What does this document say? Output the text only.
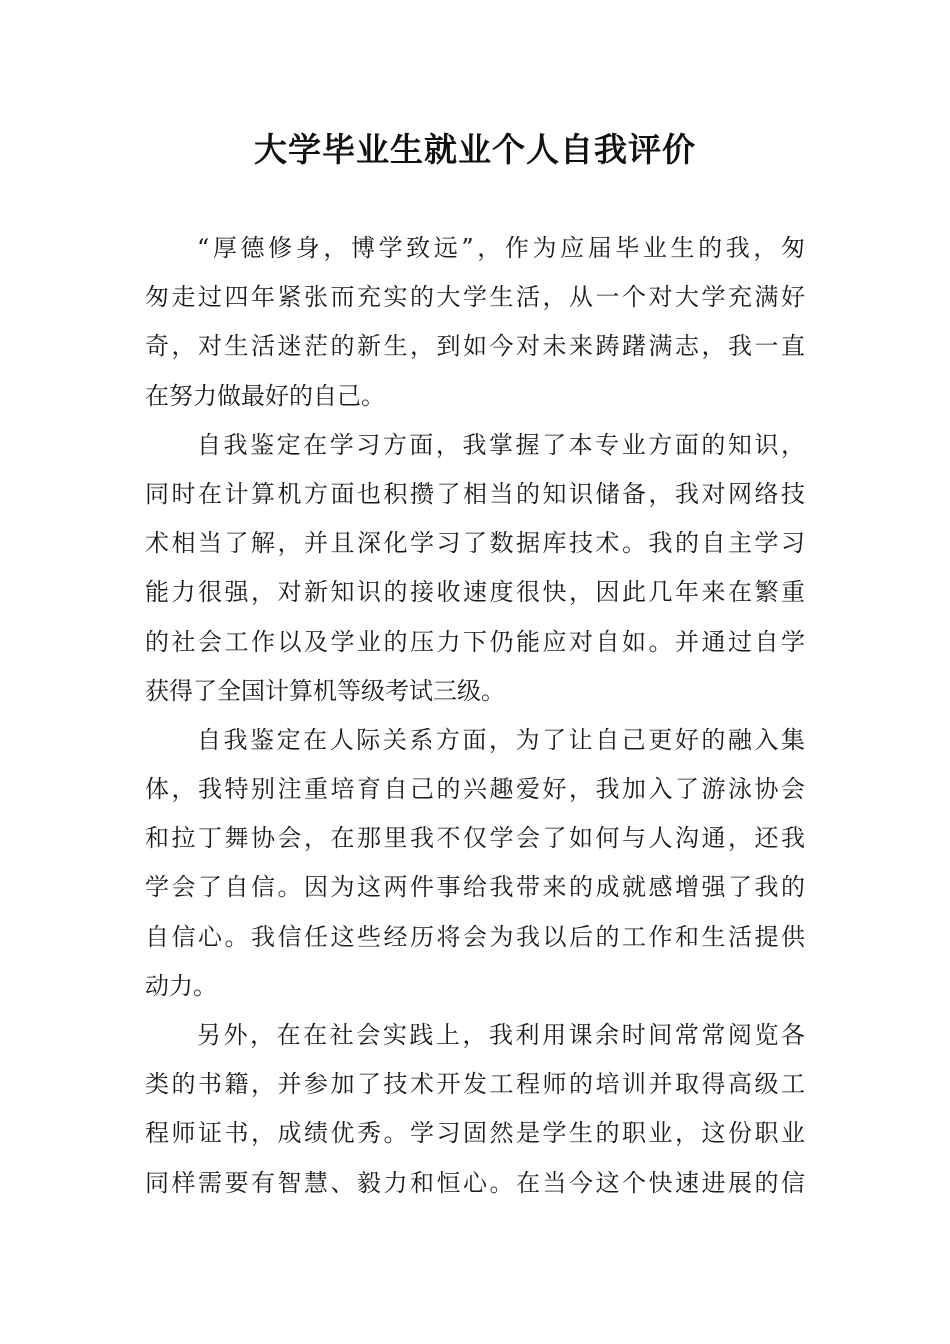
大学毕业生就业个人自我评价
“厚德修身，博学致远”，作为应届毕业生的我，匆
匆走过四年紧张而充实的大学生活，从一个对大学充满好
奇，对生活迷茫的新生，到如今对未来踌躇满志，我一直
在努力做最好的自己。
自我鉴定在学习方面，我掌握了本专业方面的知识，
同时在计算机方面也积攒了相当的知识储备，我对网络技
术相当了解，并且深化学习了数据库技术。我的自主学习
能力很强，对新知识的接收速度很快，因此几年来在繁重
的社会工作以及学业的压力下仍能应对自如。并通过自学
获得了全国计算机等级考试三级。
自我鉴定在人际关系方面，为了让自己更好的融入集
体，我特别注重培育自己的兴趣爱好，我加入了游泳协会
和拉丁舞协会，在那里我不仅学会了如何与人沟通，还我
学会了自信。因为这两件事给我带来的成就感增强了我的
自信心。我信任这些经历将会为我以后的工作和生活提供
动力。
另外，在在社会实践上，我利用课余时间常常阅览各
类的书籍，并参加了技术开发工程师的培训并取得高级工
程师证书，成绩优秀。学习固然是学生的职业，这份职业
同样需要有智慧、毅力和恒心。在当今这个快速进展的信
